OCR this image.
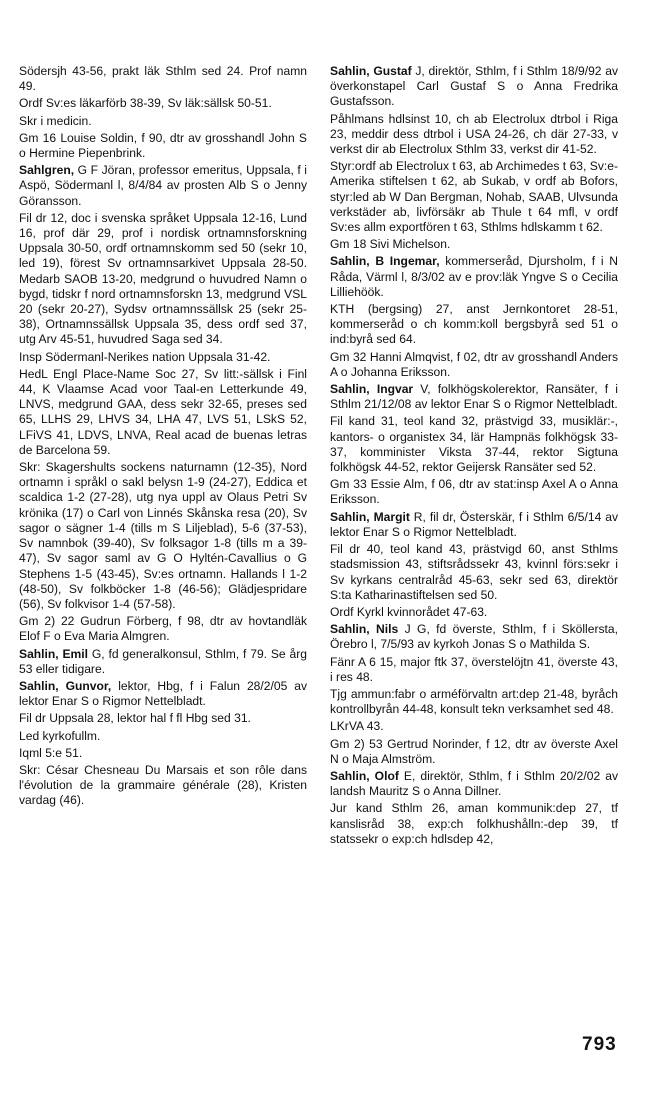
Södersjh 43-56, prakt läk Sthlm sed 24. Prof namn 49.

Ordf Sv:es läkarförb 38-39, Sv läk:sällsk 50-51.

Skr i medicin.

Gm 16 Louise Soldin, f 90, dtr av grosshandl John S o Hermine Piepenbrink.

Sahlgren, G F Jöran, professor emeritus, Uppsala, f i Aspö, Södermanl l, 8/4/84 av prosten Alb S o Jenny Göransson.

Fil dr 12, doc i svenska språket Uppsala 12-16, Lund 16, prof där 29, prof i nordisk ortnamnsforskning Uppsala 30-50, ordf ortnamnskomm sed 50 (sekr 10, led 19), förest Sv ortnamnsarkivet Uppsala 28-50. Medarb SAOB 13-20, medgrund o huvudred Namn o bygd, tidskr f nord ortnamnsforskn 13, medgrund VSL 20 (sekr 20-27), Sydsv ortnamnssällsk 25 (sekr 25-38), Ortnamnssällsk Uppsala 35, dess ordf sed 37, utg Arv 45-51, huvudred Saga sed 34.

Insp Södermanl-Nerikes nation Uppsala 31-42.

HedL Engl Place-Name Soc 27, Sv litt:-sällsk i Finl 44, K Vlaamse Acad voor Taal-en Letterkunde 49, LNVS, medgrund GAA, dess sekr 32-65, preses sed 65, LLHS 29, LHVS 34, LHA 47, LVS 51, LSkS 52, LFiVS 41, LDVS, LNVA, Real acad de buenas letras de Barcelona 59.

Skr: Skagershults sockens naturnamn (12-35), Nord ortnamn i språkl o sakl belysn 1-9 (24-27), Eddica et scaldica 1-2 (27-28), utg nya uppl av Olaus Petri Sv krönika (17) o Carl von Linnés Skånska resa (20), Sv sagor o sägner 1-4 (tills m S Liljeblad), 5-6 (37-53), Sv namnbok (39-40), Sv folksagor 1-8 (tills m a 39-47), Sv sagor saml av G O Hyltén-Cavallius o G Stephens 1-5 (43-45), Sv:es ortnamn. Hallands l 1-2 (48-50), Sv folkböcker 1-8 (46-56); Glädjespridare (56), Sv folkvisor 1-4 (57-58).

Gm 2) 22 Gudrun Förberg, f 98, dtr av hovtandläk Elof F o Eva Maria Almgren.

Sahlin, Emil G, fd generalkonsul, Sthlm, f 79. Se årg 53 eller tidigare.

Sahlin, Gunvor, lektor, Hbg, f i Falun 28/2/05 av lektor Enar S o Rigmor Nettelbladt.

Fil dr Uppsala 28, lektor hal f fl Hbg sed 31.

Led kyrkofullm.

Iqml 5:e 51.

Skr: César Chesneau Du Marsais et son rôle dans l'évolution de la grammaire générale (28), Kristen vardag (46).

Sahlin, Gustaf J, direktör, Sthlm, f i Sthlm 18/9/92 av överkonstapel Carl Gustaf S o Anna Fredrika Gustafsson.

Påhlmans hdlsinst 10, ch ab Electrolux dtrbol i Riga 23, meddir dess dtrbol i USA 24-26, ch där 27-33, v verkst dir ab Electrolux Sthlm 33, verkst dir 41-52.

Styr:ordf ab Electrolux t 63, ab Archimedes t 63, Sv:e-Amerika stiftelsen t 62, ab Sukab, v ordf ab Bofors, styr:led ab W Dan Bergman, Nohab, SAAB, Ulvsunda verkstäder ab, livförsäkr ab Thule t 64 mfl, v ordf Sv:es allm exportfören t 63, Sthlms hdlskamm t 62.

Gm 18 Sivi Michelson.

Sahlin, B Ingemar, kommerseråd, Djursholm, f i N Råda, Värml l, 8/3/02 av e prov:läk Yngve S o Cecilia Lilliehöök.

KTH (bergsing) 27, anst Jernkontoret 28-51, kommerseråd o ch komm:koll bergsbyrå sed 51 o ind:byrå sed 64.

Gm 32 Hanni Almqvist, f 02, dtr av grosshandl Anders A o Johanna Eriksson.

Sahlin, Ingvar V, folkhögskolerektor, Ransäter, f i Sthlm 21/12/08 av lektor Enar S o Rigmor Nettelbladt.

Fil kand 31, teol kand 32, prästvigd 33, musiklär:-, kantors- o organistex 34, lär Hampnäs folkhögsk 33-37, komminister Viksta 37-44, rektor Sigtuna folkhögsk 44-52, rektor Geijersk Ransäter sed 52.

Gm 33 Essie Alm, f 06, dtr av stat:insp Axel A o Anna Eriksson.

Sahlin, Margit R, fil dr, Österskär, f i Sthlm 6/5/14 av lektor Enar S o Rigmor Nettelbladt.

Fil dr 40, teol kand 43, prästvigd 60, anst Sthlms stadsmission 43, stiftsrådssekr 43, kvinnl förs:sekr i Sv kyrkans centralråd 45-63, sekr sed 63, direktör S:ta Katharinastiftelsen sed 50.

Ordf Kyrkl kvinnorådet 47-63.

Sahlin, Nils J G, fd överste, Sthlm, f i Sköllersta, Örebro l, 7/5/93 av kyrkoh Jonas S o Mathilda S.

Fänr A 6 15, major ftk 37, överstelöjtn 41, överste 43, i res 48.

Tjg ammun:fabr o arméförvaltn art:dep 21-48, byråch kontrollbyrån 44-48, konsult tekn verksamhet sed 48.

LKrVA 43.

Gm 2) 53 Gertrud Norinder, f 12, dtr av överste Axel N o Maja Almström.

Sahlin, Olof E, direktör, Sthlm, f i Sthlm 20/2/02 av landsh Mauritz S o Anna Dillner.

Jur kand Sthlm 26, aman kommunik:dep 27, tf kanslisråd 38, exp:ch folkhushålln:-dep 39, tf statssekr o exp:ch hdlsdep 42,

793
